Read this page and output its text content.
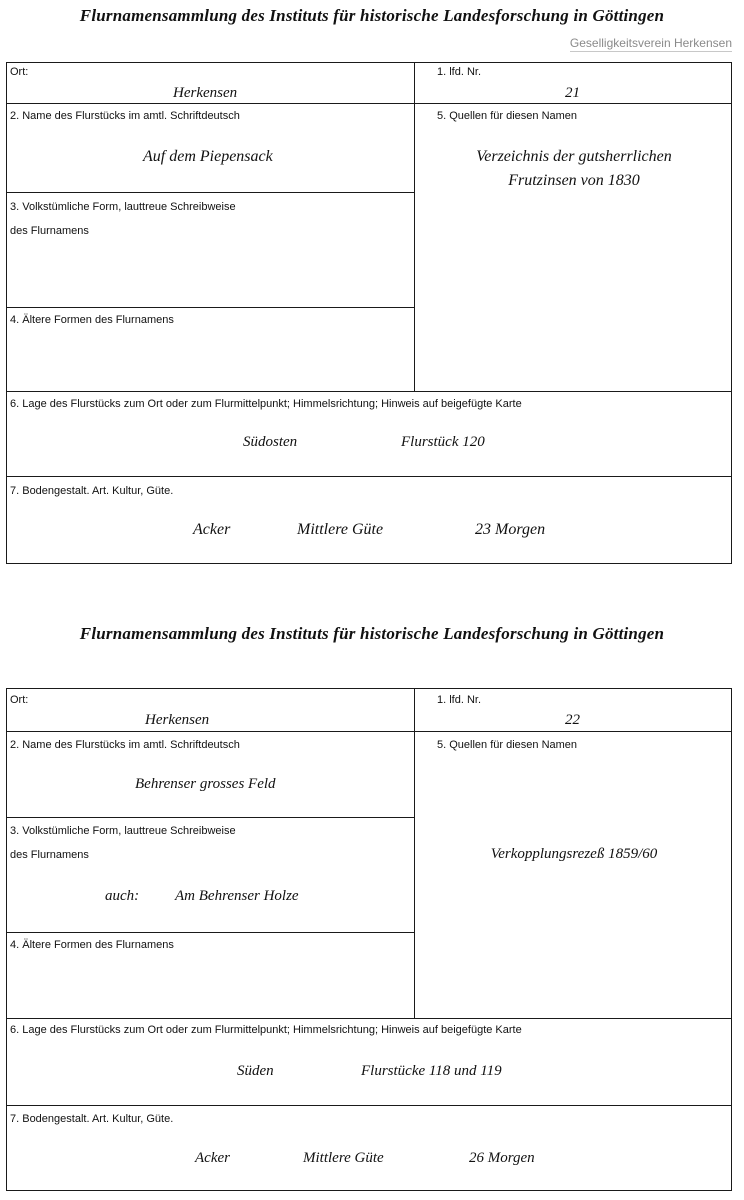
Flurnamensammlung des Instituts für historische Landesforschung in Göttingen
Geselligkeitsverein Herkensen
Ort:
Herkensen
1. lfd. Nr.
21
2. Name des Flurstücks im amtl. Schriftdeutsch
Auf dem Piepensack
3. Volkstümliche Form, lauttreue Schreibweise
des Flurnamens
4. Ältere Formen des Flurnamens
5. Quellen für diesen Namen
Verzeichnis der gutsherrlichen
Frutzinsen von 1830
6. Lage des Flurstücks zum Ort oder zum Flurmittelpunkt; Himmelsrichtung; Hinweis auf beigefügte Karte
Südosten	Flurstück 120
7. Bodengestalt. Art. Kultur, Güte.
Acker	Mittlere Güte	23 Morgen
Flurnamensammlung des Instituts für historische Landesforschung in Göttingen
Ort:
Herkensen
1. lfd. Nr.
22
2. Name des Flurstücks im amtl. Schriftdeutsch
Behrenser grosses Feld
3. Volkstümliche Form, lauttreue Schreibweise
des Flurnamens
auch: Am Behrenser Holze
4. Ältere Formen des Flurnamens
5. Quellen für diesen Namen
Verkopplungsrezeß 1859/60
6. Lage des Flurstücks zum Ort oder zum Flurmittelpunkt; Himmelsrichtung; Hinweis auf beigefügte Karte
Süden	Flurstücke 118 und 119
7. Bodengestalt. Art. Kultur, Güte.
Acker	Mittlere Güte	26 Morgen
